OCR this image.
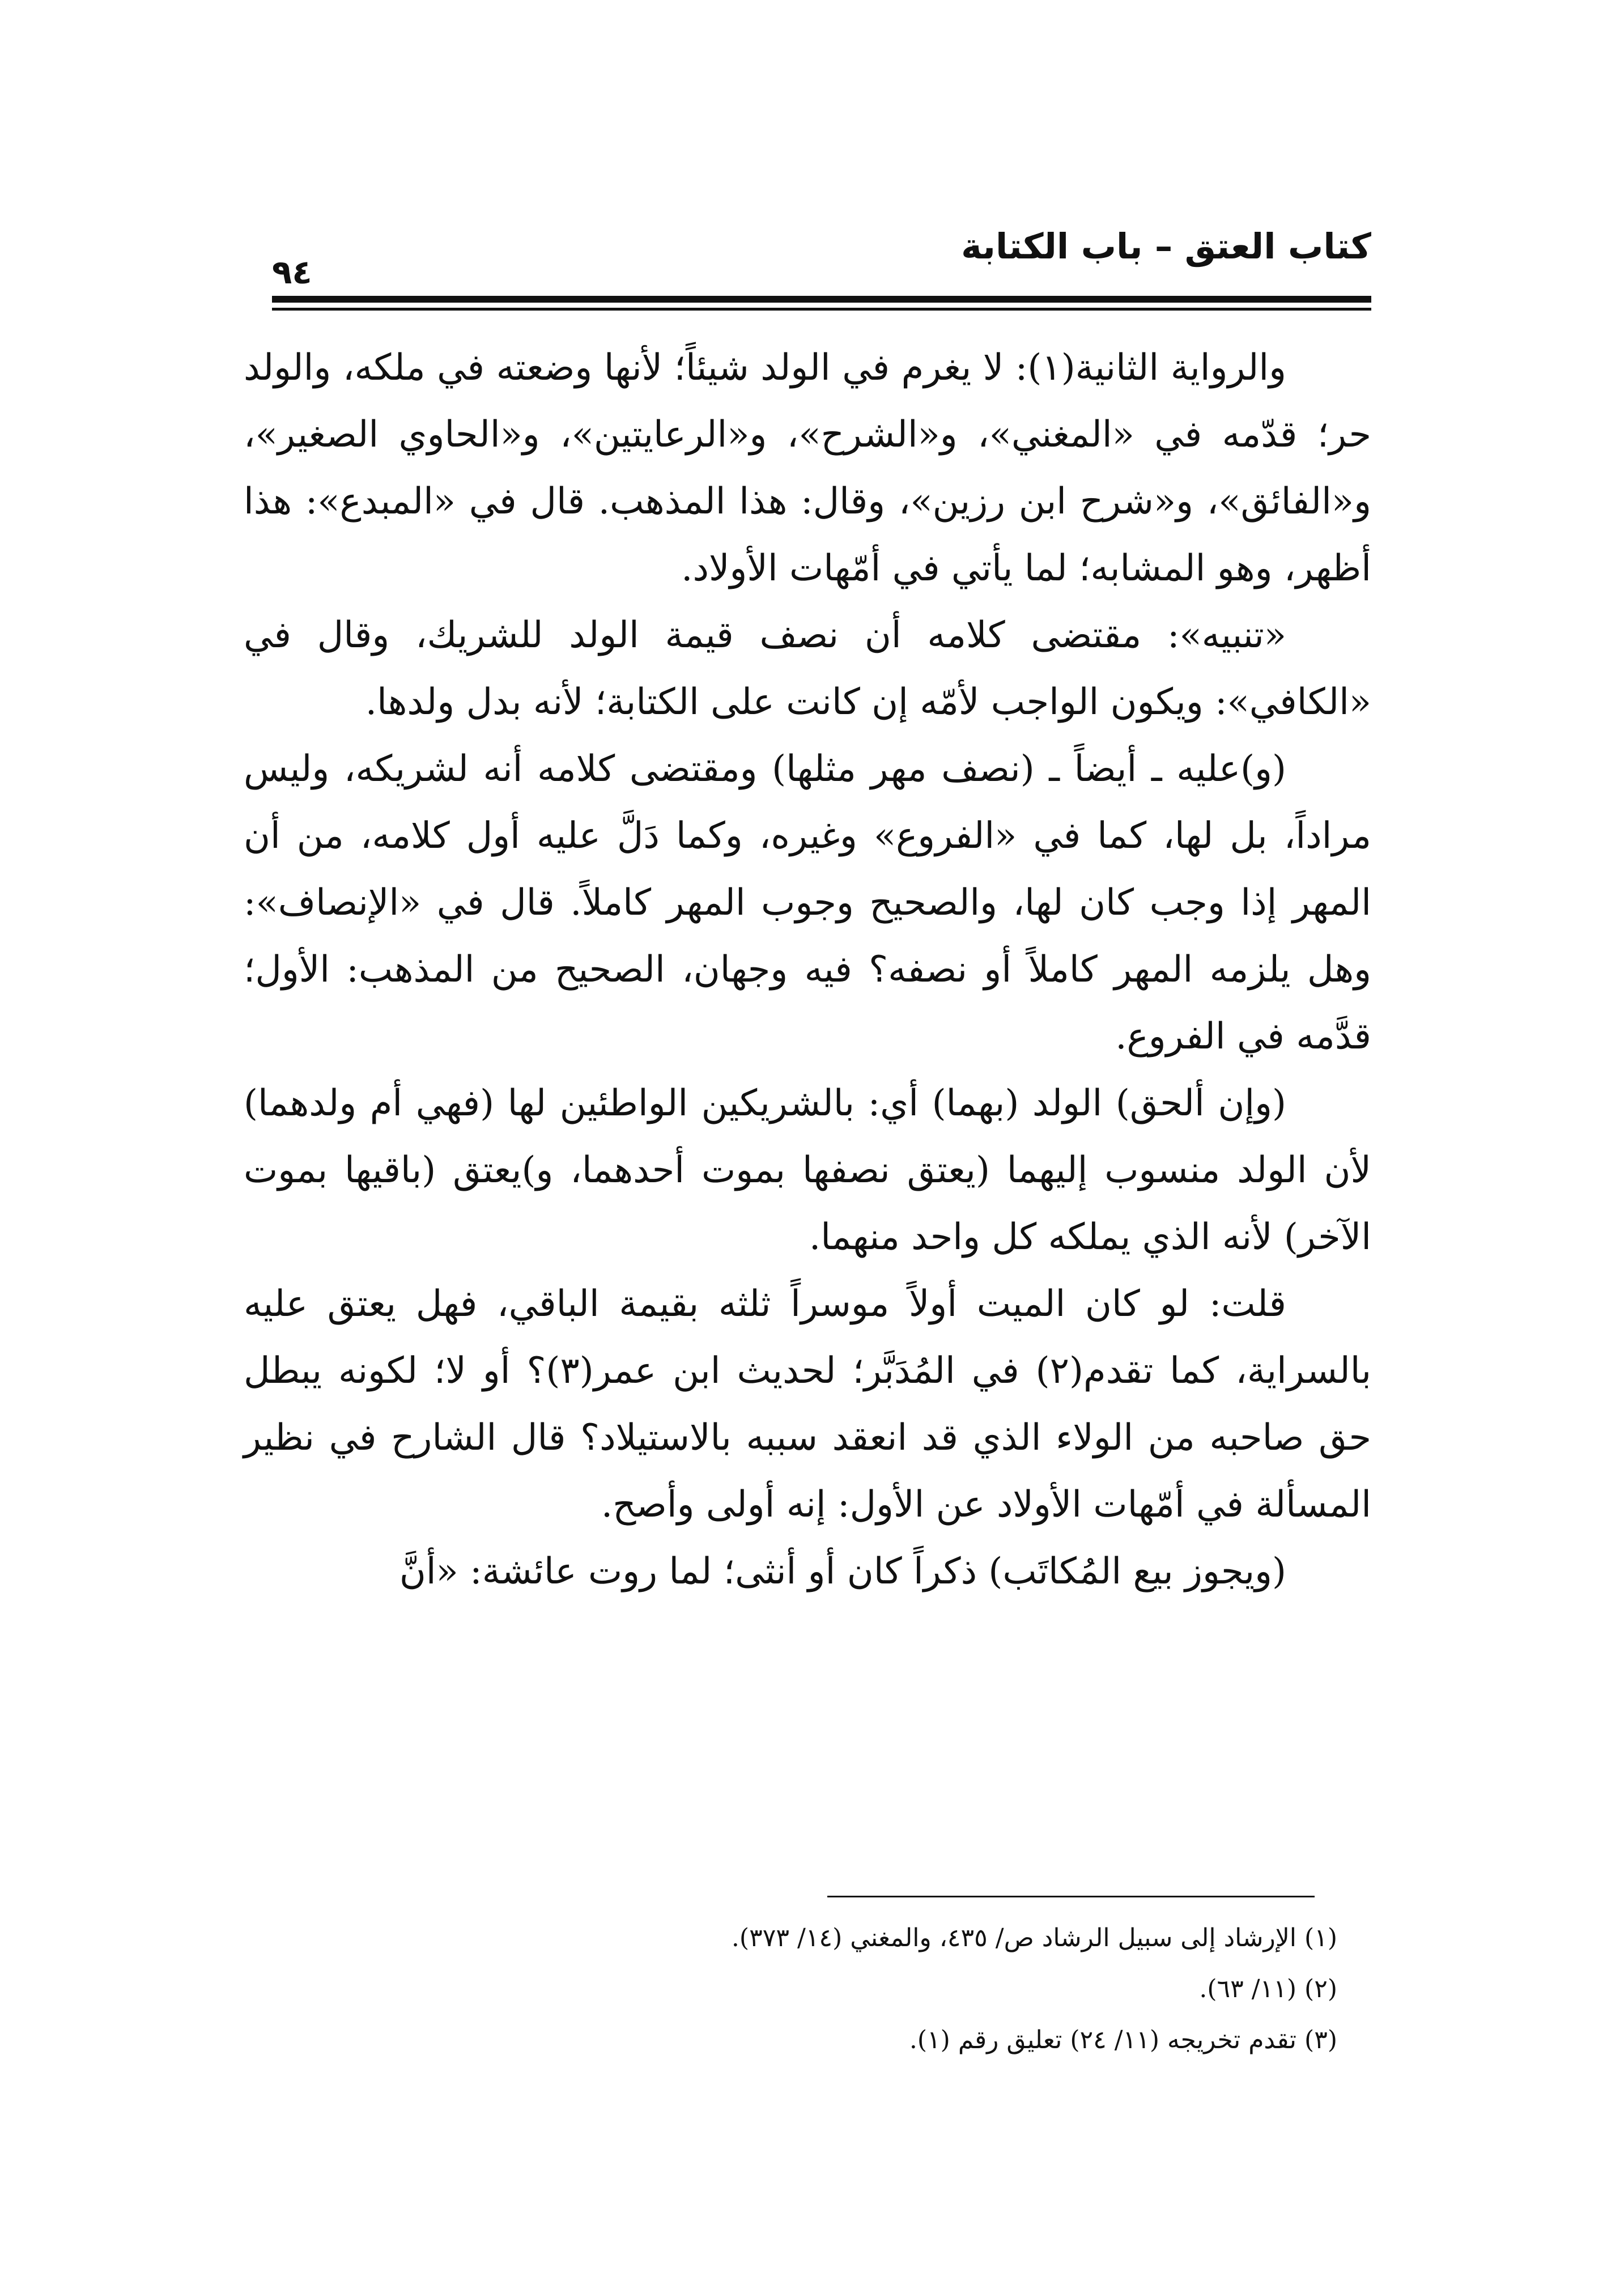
كتاب العتق – باب الكتابة
٩٤

والرواية الثانية(١): لا يغرم في الولد شيئاً؛ لأنها وضعته في ملكه، والولد حر؛ قدّمه في «المغني»، و«الشرح»، و«الرعايتين»، و«الحاوي الصغير»، و«الفائق»، و«شرح ابن رزين»، وقال: هذا المذهب. قال في «المبدع»: هذا أظهر، وهو المشابه؛ لما يأتي في أمّهات الأولاد.

«تنبيه»: مقتضى كلامه أن نصف قيمة الولد للشريك، وقال في «الكافي»: ويكون الواجب لأمّه إن كانت على الكتابة؛ لأنه بدل ولدها.

(و)عليه ـ أيضاً ـ (نصف مهر مثلها) ومقتضى كلامه أنه لشريكه، وليس مراداً، بل لها، كما في «الفروع» وغيره، وكما دَلَّ عليه أول كلامه، من أن المهر إذا وجب كان لها، والصحيح وجوب المهر كاملاً. قال في «الإنصاف»: وهل يلزمه المهر كاملاً أو نصفه؟ فيه وجهان، الصحيح من المذهب: الأول؛ قدَّمه في الفروع.

(وإن ألحق) الولد (بهما) أي: بالشريكين الواطئين لها (فهي أم ولدهما) لأن الولد منسوب إليهما (يعتق نصفها بموت أحدهما، و)يعتق (باقيها بموت الآخر) لأنه الذي يملكه كل واحد منهما.

قلت: لو كان الميت أولاً موسراً ثلثه بقيمة الباقي، فهل يعتق عليه بالسراية، كما تقدم(٢) في المُدَبَّر؛ لحديث ابن عمر(٣)؟ أو لا؛ لكونه يبطل حق صاحبه من الولاء الذي قد انعقد سببه بالاستيلاد؟ قال الشارح في نظير المسألة في أمّهات الأولاد عن الأول: إنه أولى وأصح.

(ويجوز بيع المُكاتَب) ذكراً كان أو أنثى؛ لما روت عائشة: «أنَّ

(١) الإرشاد إلى سبيل الرشاد ص/ ٤٣٥، والمغني (١٤/ ٣٧٣).

(٢) (١١/ ٦٣).

(٣) تقدم تخريجه (١١/ ٢٤) تعليق رقم (١).
